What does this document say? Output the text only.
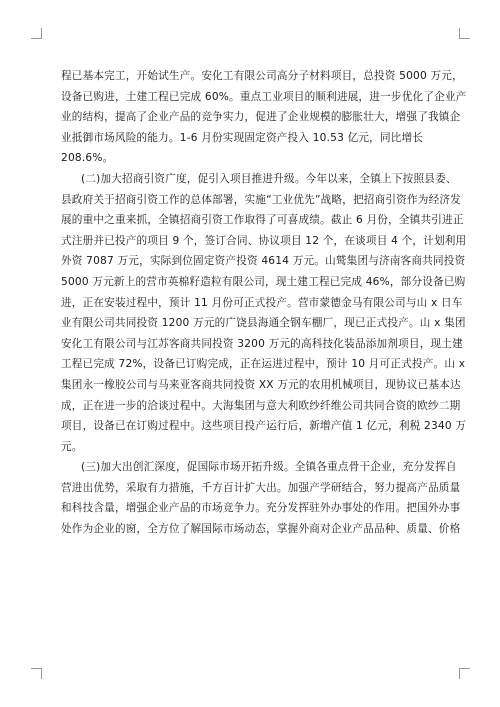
程已基本完工，开始试生产。安化工有限公司高分子材料项目，总投资 5000 万元，
设备已购进，土建工程已完成 60%。重点工业项目的顺利进展，进一步优化了企业产
业的结构，提高了企业产品的竞争实力，促进了企业规模的膨胀壮大，增强了我镇企
业抵御市场风险的能力。1-6 月份实现固定资产投入 10.53 亿元，同比增长
208.6%。
(二)加大招商引资广度，促引入项目推进升级。今年以来，全镇上下按照县委、
县政府关于招商引资工作的总体部署，实施“工业优先”战略，把招商引资作为经济发
展的重中之重来抓，全镇招商引资工作取得了可喜成绩。截止 6 月份，全镇共引进正
式注册并已投产的项目 9 个，签订合同、协议项目 12 个，在谈项目 4 个，计划利用
外资 7087 万元，实际到位固定资产投资 4614 万元。山鹫集团与济南客商共同投资
5000 万元新上的营市英棉籽造粒有限公司，现土建工程已完成 46%，部分设备已购
进，正在安装过程中，预计 11 月份可正式投产。营市蒙德金马有限公司与山 x 日车
业有限公司共同投资 1200 万元的广饶县海通全钢车棚厂，现已正式投产。山 x 集团
安化工有限公司与江苏客商共同投资 3200 万元的高科技化装品添加剂项目，现土建
工程已完成 72%，设备已订购完成，正在运进过程中，预计 10 月可正式投产。山 x
集团永一橡胶公司与马来亚客商共同投资 XX 万元的农用机械项目，现协议已基本达
成，正在进一步的洽谈过程中。大海集团与意大利欧纱纤维公司共同合资的欧纱二期
项目，设备已在订购过程中。这些项目投产运行后，新增产值 1 亿元，利税 2340 万
元。
(三)加大出创汇深度，促国际市场开拓升级。全镇各重点骨干企业，充分发挥自
营进出优势，采取有力措施，千方百计扩大出。加强产学研结合，努力提高产品质量
和科技含量，增强企业产品的市场竞争力。充分发挥驻外办事处的作用。把国外办事
处作为企业的窗，全方位了解国际市场动态，掌握外商对企业产品品种、质量、价格
